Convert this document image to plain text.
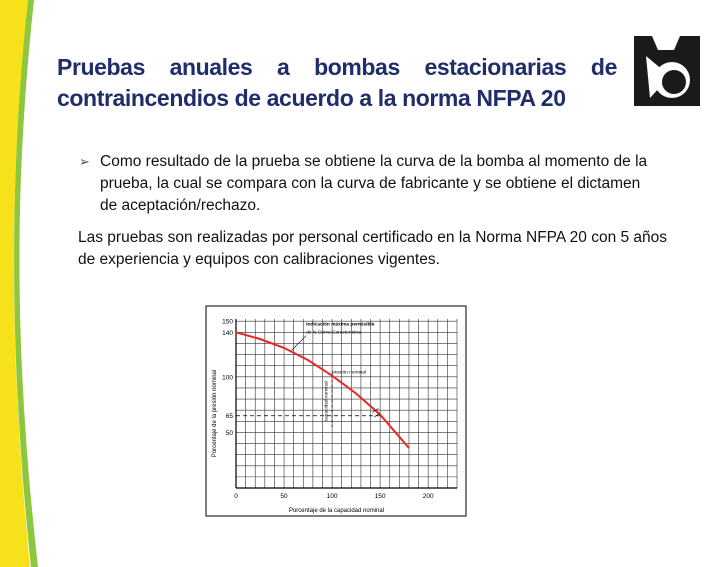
Pruebas anuales a bombas estacionarias de
contraincendios de acuerdo a la norma NFPA 20
➢ Como resultado de la prueba se obtiene la curva de la bomba al momento de la prueba, la cual se compara con la curva de fabricante y se obtiene el dictamen de aceptación/rechazo.
Las pruebas son realizadas por personal certificado en la Norma NFPA 20 con 5 años de experiencia y equipos con calibraciones vigentes.
0	50	100	150	200
50
65
100
140
150
Porcentaje de la capacidad nominal
Porcentaje de la presión nominal
Indicación máxima permisible
de la Curva Característica
presión nominal
capacidad nominal
